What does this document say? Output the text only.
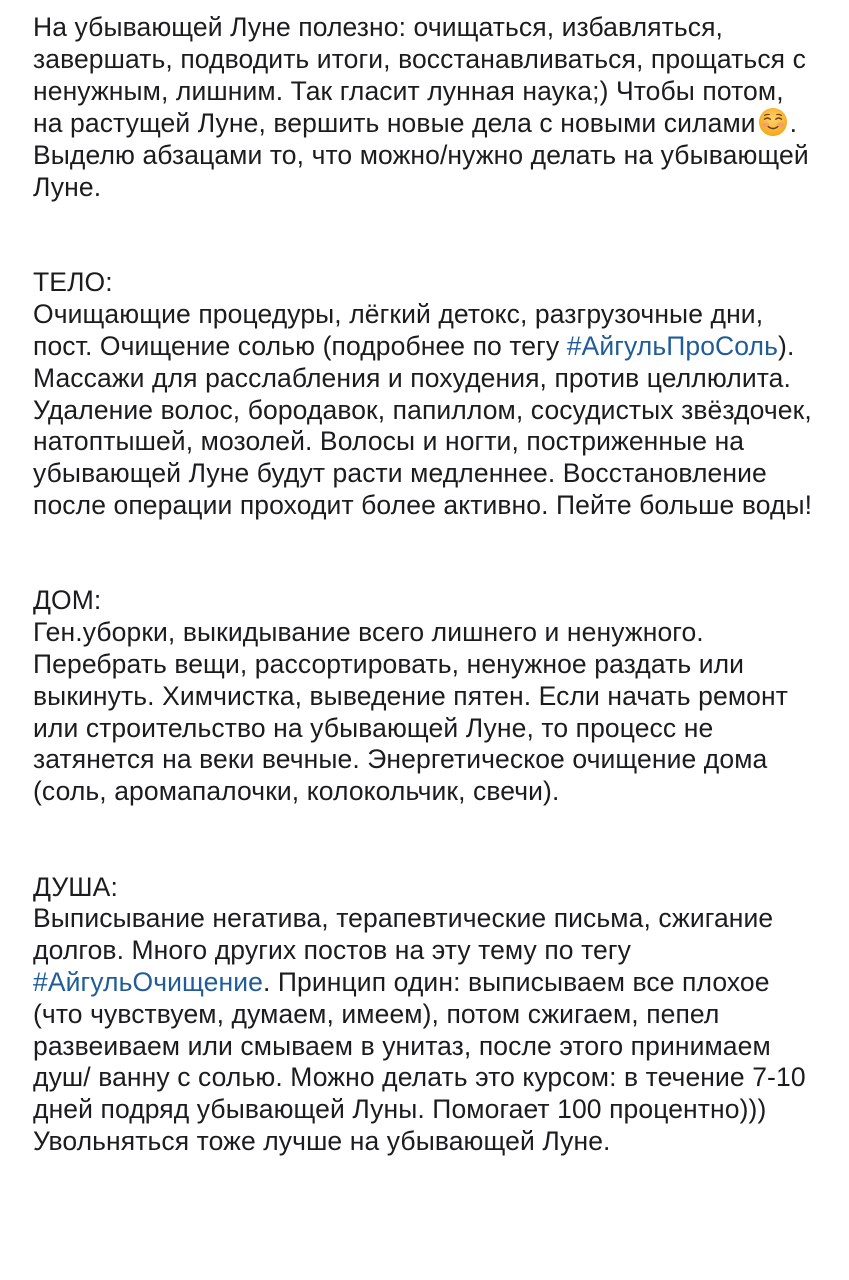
На убывающей Луне полезно: очищаться, избавляться, завершать, подводить итоги, восстанавливаться, прощаться с ненужным, лишним. Так гласит лунная наука;) Чтобы потом, на растущей Луне, вершить новые дела с новыми силами . Выделю абзацами то, что можно/нужно делать на убывающей Луне.

ТЕЛО:

Очищающие процедуры, лёгкий детокс, разгрузочные дни, пост. Очищение солью (подробнее по тегу #АйгульПроСоль). Массажи для расслабления и похудения, против целлюлита. Удаление волос, бородавок, папиллом, сосудистых звёздочек, натоптышей, мозолей. Волосы и ногти, постриженные на убывающей Луне будут расти медленнее. Восстановление после операции проходит более активно. Пейте больше воды!

ДОМ:

Ген.уборки, выкидывание всего лишнего и ненужного. Перебрать вещи, рассортировать, ненужное раздать или выкинуть. Химчистка, выведение пятен. Если начать ремонт или строительство на убывающей Луне, то процесс не затянется на веки вечные. Энергетическое очищение дома (соль, аромапалочки, колокольчик, свечи).

ДУША:

Выписывание негатива, терапевтические письма, сжигание долгов. Много других постов на эту тему по тегу #АйгульОчищение. Принцип один: выписываем все плохое (что чувствуем, думаем, имеем), потом сжигаем, пепел развеиваем или смываем в унитаз, после этого принимаем душ/ ванну с солью. Можно делать это курсом: в течение 7-10 дней подряд убывающей Луны. Помогает 100 процентно)))

Увольняться тоже лучше на убывающей Луне.
